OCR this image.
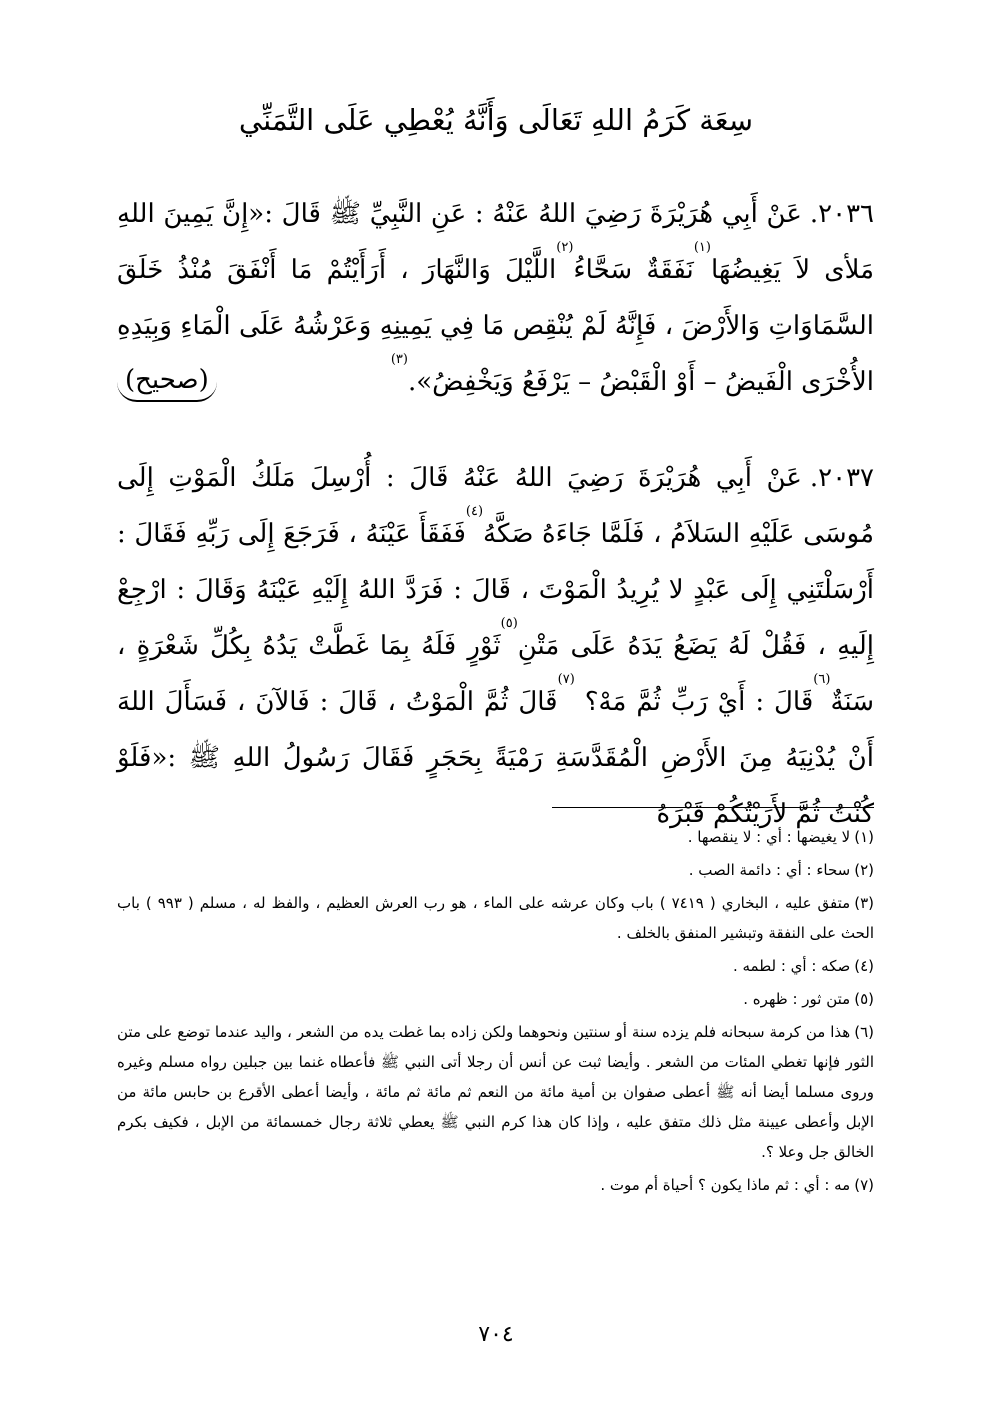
سِعَة كَرَمُ اللهِ تَعَالَى وَأَنَّهُ يُعْطِي عَلَى التَّمَنِّي

٢٠٣٦.عَنْ أَبِي هُرَيْرَةَ رَضِيَ اللهُ عَنْهُ : عَنِ النَّبِيِّ ﷺ قَالَ :«إِنَّ يَمِينَ اللهِ مَلأى لاَ يَغِيضُهَا$^{(١)}$نَفَقَةٌ سَحَّاءُ$^{(٢)}$اللَّيْلَ وَالنَّهَارَ ، أَرَأَيْتُمْ مَا أَنْفَقَ مُنْذُ خَلَقَ السَّمَاوَاتِ وَالأَرْضَ ، فَإِنَّهُ لَمْ يُنْقِص مَا فِي يَمِينِهِ وَعَرْشُهُ عَلَى الْمَاءِ وَبِيَدِهِ الأُخْرَى الْفَيضُ – أَوْ الْقَبْضُ – يَرْفَعُ وَيَخْفِضُ».$^{(٣)}$
(صحيح)

٢٠٣٧.عَنْ أَبِي هُرَيْرَةَ رَضِيَ اللهُ عَنْهُ قَالَ : أُرْسِلَ مَلَكُ الْمَوْتِ إِلَى مُوسَى عَلَيْهِ السَلاَمُ ، فَلَمَّا جَاءَهُ صَكَّهُ$^{(٤)}$فَفَقَأَ عَيْنَهُ ، فَرَجَعَ إِلَى رَبِّهِ فَقَالَ : أَرْسَلْتَنِي إِلَى عَبْدٍ لا يُرِيدُ الْمَوْتَ ، قَالَ : فَرَدَّ اللهُ إِلَيْهِ عَيْنَهُ وَقَالَ : ارْجِعْ إِلَيهِ ، فَقُلْ لَهُ يَضَعُ يَدَهُ عَلَى مَتْنِ$^{(٥)}$ثَوْرٍ فَلَهُ بِمَا غَطَّتْ يَدُهُ بِكُلِّ شَعْرَةٍ ، سَنَةٌ$^{(٦)}$قَالَ : أَيْ رَبِّ ثُمَّ مَهْ؟ $^{(٧)}$قَالَ ثُمَّ الْمَوْتُ ، قَالَ : فَالآنَ ، فَسَأَلَ اللهَ أَنْ يُدْنِيَهُ مِنَ الأَرْضِ الْمُقَدَّسَةِ رَمْيَةً بِحَجَرٍ فَقَالَ رَسُولُ اللهِ ﷺ :«فَلَوْ كُنْتُ ثُمَّ لأَرَيْتُكُمْ قَبْرَهُ

(١)لا يغيضها : أي : لا ينقصها .
(٢)سحاء : أي : دائمة الصب .
(٣)متفق عليه ، البخاري ( ٧٤١٩ ) باب وكان عرشه على الماء ، هو رب العرش العظيم ، والفظ له ، مسلم ( ٩٩٣ ) باب الحث على النفقة وتبشير المنفق بالخلف .
(٤)صكه : أي : لطمه .
(٥)متن ثور : ظهره .
(٦)هذا من كرمة سبحانه فلم يزده سنة أو سنتين ونحوهما ولكن زاده بما غطت يده من الشعر ، واليد عندما توضع على متن الثور فإنها تغطي المئات من الشعر . وأيضا ثبت عن أنس أن رجلا أتى النبي ﷺ فأعطاه غنما بين جبلين رواه مسلم وغيره وروى مسلما أيضا أنه ﷺ أعطى صفوان بن أمية مائة من النعم ثم مائة ثم مائة ، وأيضا أعطى الأقرع بن حابس مائة من الإبل وأعطى عيينة مثل ذلك متفق عليه ، وإذا كان هذا كرم النبي ﷺ يعطي ثلاثة رجال خمسمائة من الإبل ، فكيف بكرم الخالق جل وعلا ؟.
(٧)مه : أي : ثم ماذا يكون ؟ أحياة أم موت .
٧٠٤
